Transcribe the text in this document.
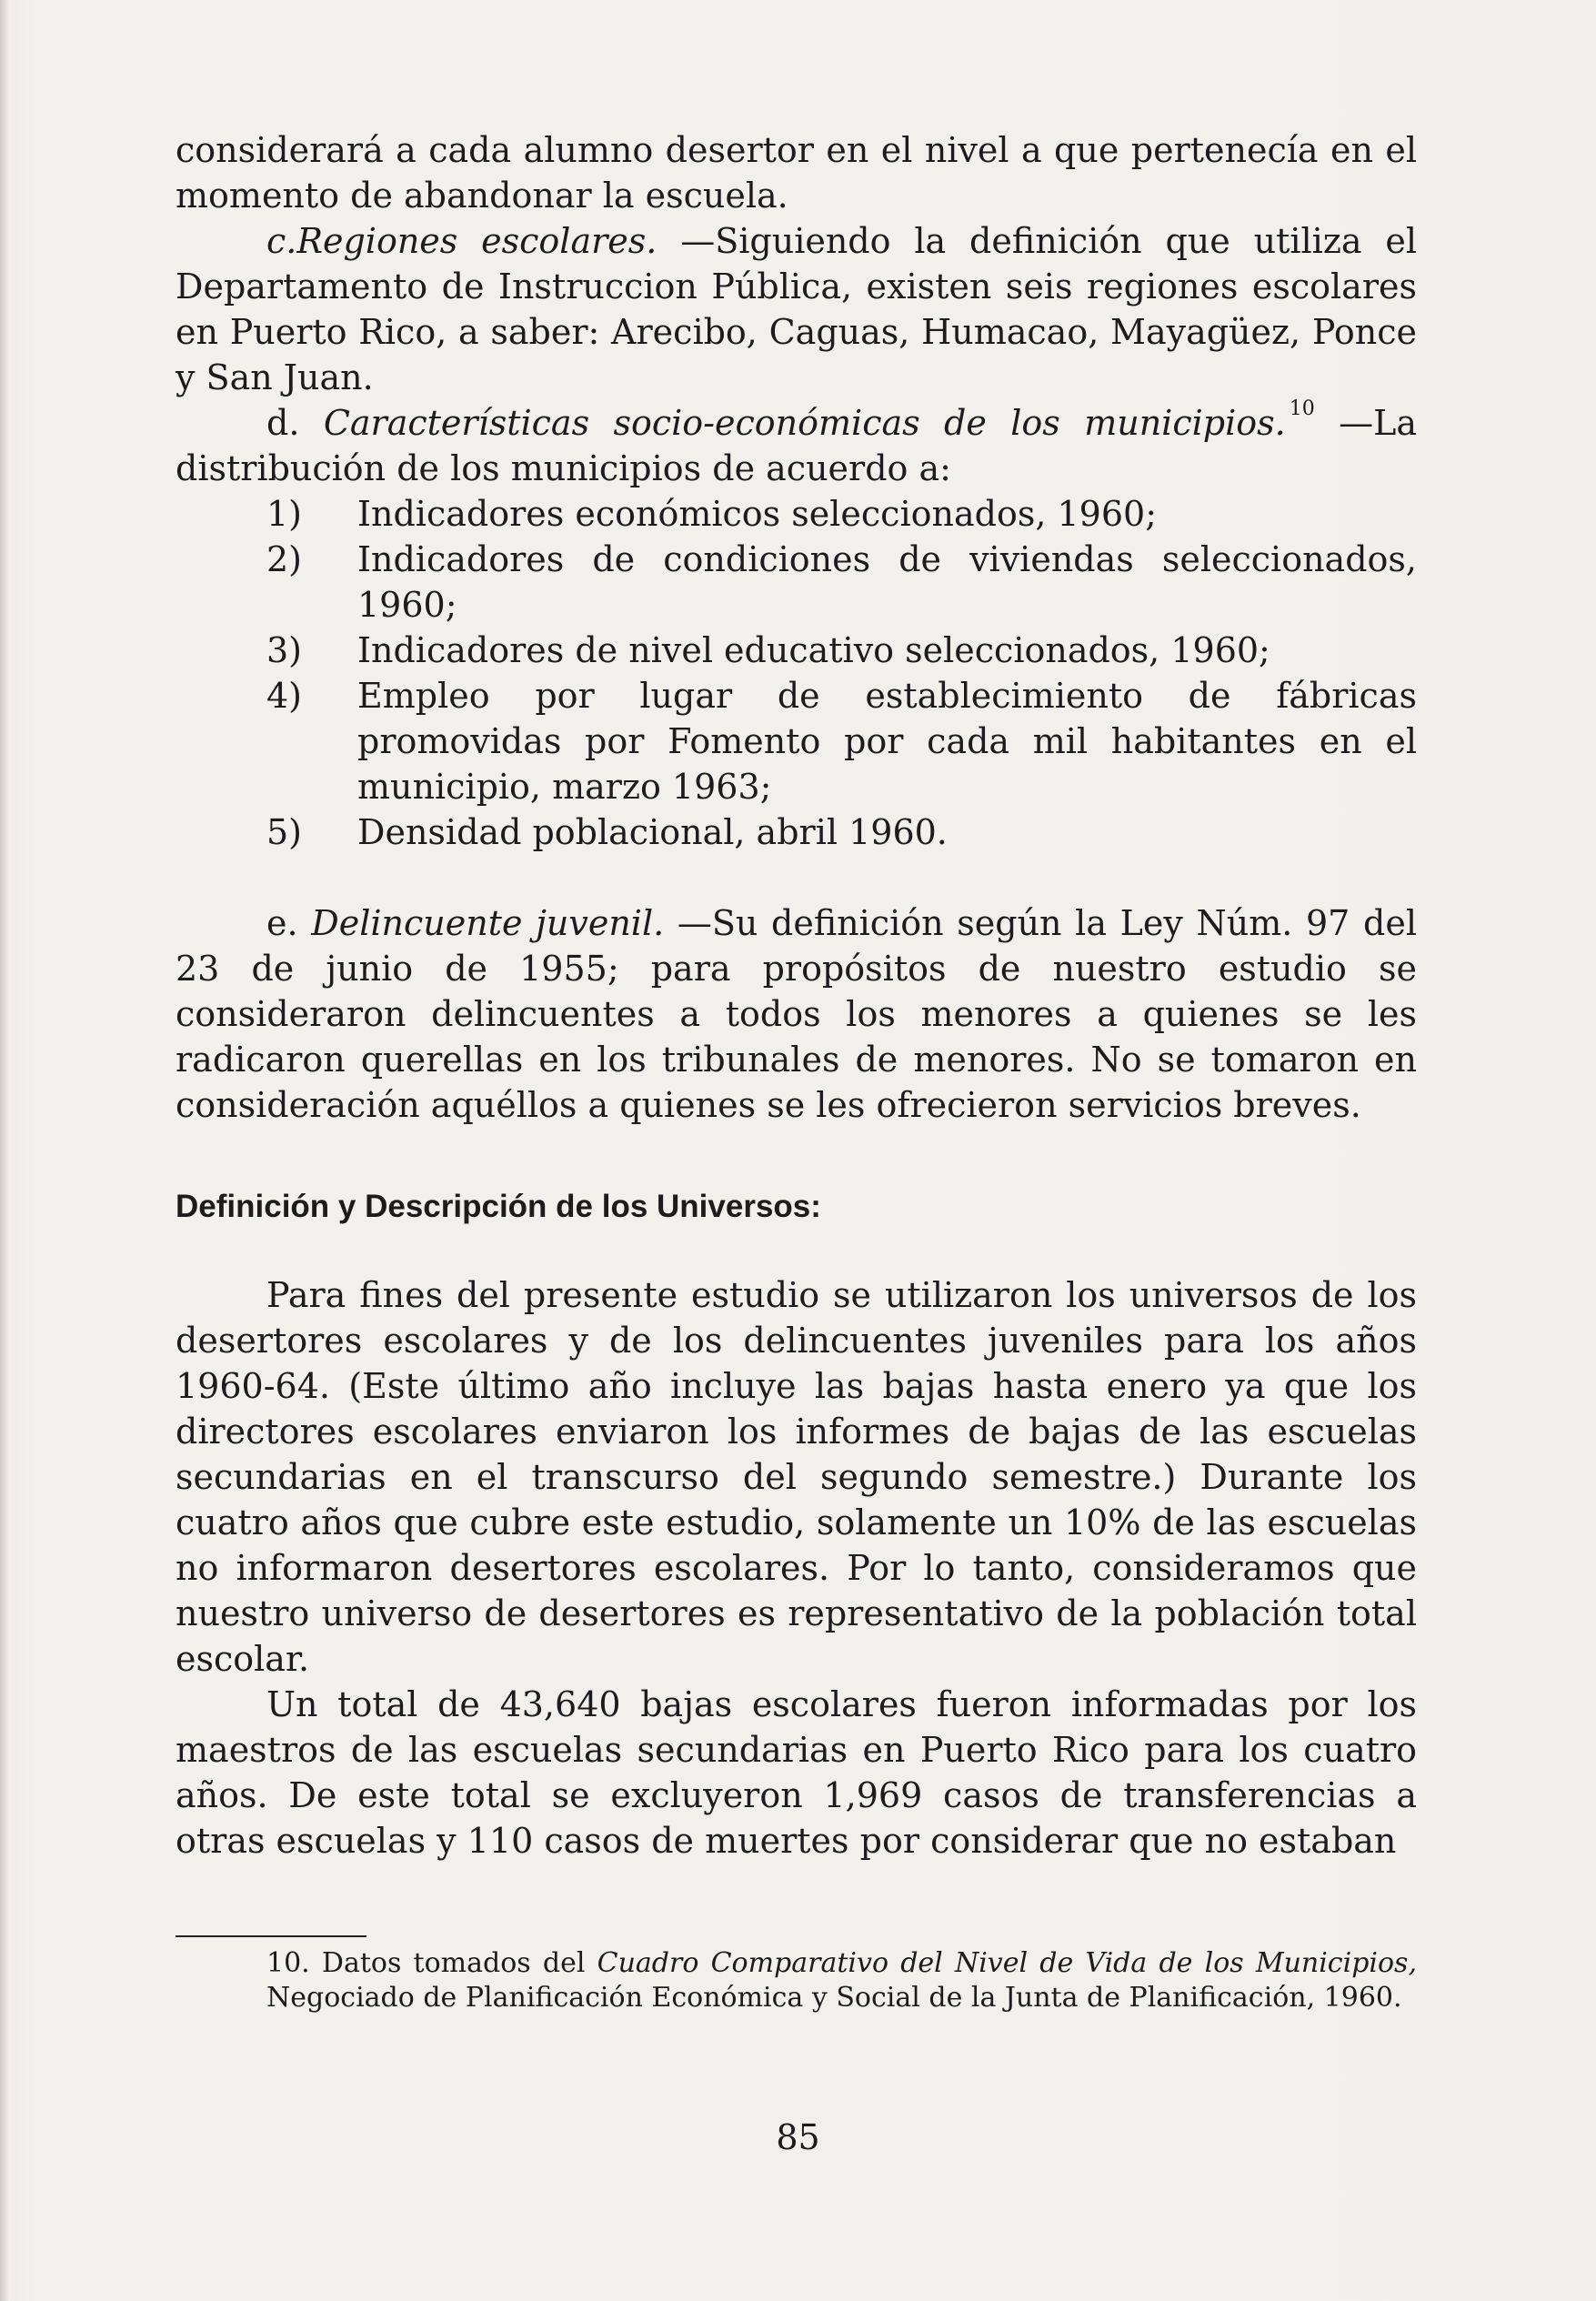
considerará a cada alumno desertor en el nivel a que pertenecía en el momento de abandonar la escuela.

c.Regiones escolares. —Siguiendo la definición que utiliza el Departamento de Instruccion Pública, existen seis regiones escolares en Puerto Rico, a saber: Arecibo, Caguas, Humacao, Mayagüez, Ponce y San Juan.

d. Características socio-económicas de los municipios. $^{10}$ —La distribución de los municipios de acuerdo a:

1)	Indicadores económicos seleccionados, 1960;
2)	Indicadores de condiciones de viviendas seleccionados, 1960;
3)	Indicadores de nivel educativo seleccionados, 1960;
4)	Empleo por lugar de establecimiento de fábricas promovidas por Fomento por cada mil habitantes en el municipio, marzo 1963;
5)	Densidad poblacional, abril 1960.

e. Delincuente juvenil. —Su definición según la Ley Núm. 97 del 23 de junio de 1955; para propósitos de nuestro estudio se consideraron delincuentes a todos los menores a quienes se les radicaron querellas en los tribunales de menores. No se tomaron en consideración aquéllos a quienes se les ofrecieron servicios breves.

Definición y Descripción de los Universos:

Para fines del presente estudio se utilizaron los universos de los desertores escolares y de los delincuentes juveniles para los años 1960-64. (Este último año incluye las bajas hasta enero ya que los directores escolares enviaron los informes de bajas de las escuelas secundarias en el transcurso del segundo semestre.) Durante los cuatro años que cubre este estudio, solamente un 10% de las escuelas no informaron desertores escolares. Por lo tanto, consideramos que nuestro universo de desertores es representativo de la población total escolar.

Un total de 43,640 bajas escolares fueron informadas por los maestros de las escuelas secundarias en Puerto Rico para los cuatro años. De este total se excluyeron 1,969 casos de transferencias a otras escuelas y 110 casos de muertes por considerar que no estaban

10. Datos tomados del Cuadro Comparativo del Nivel de Vida de los Municipios, Negociado de Planificación Económica y Social de la Junta de Planificación, 1960.
85
